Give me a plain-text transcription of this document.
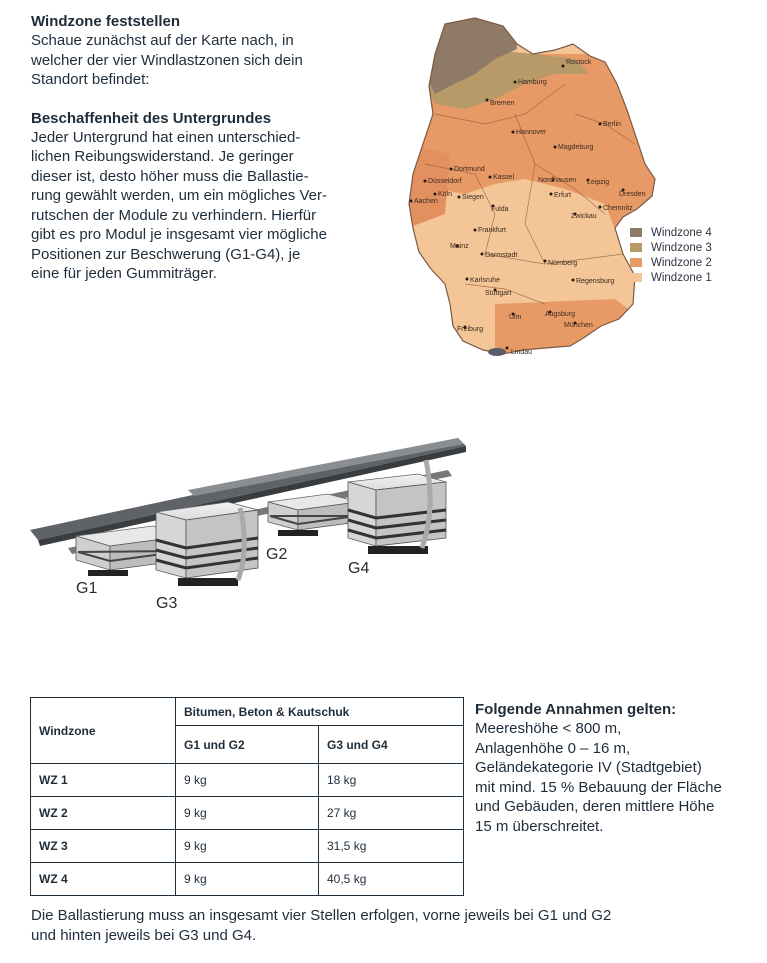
Windzone feststellen

Schaue zunächst auf der Karte nach, in
welcher der vier Windlastzonen sich dein
Standort befindet:

Beschaffenheit des Untergrundes

Jeder Untergrund hat einen unterschied-
lichen Reibungswiderstand. Je geringer
dieser ist, desto höher muss die Ballastie-
rung gewählt werden, um ein mögliches Ver-
rutschen der Module zu verhindern. Hierfür
gibt es pro Modul je insgesamt vier mögliche
Positionen zur Beschwerung (G1-G4), je
eine für jeden Gummiträger.

Rostock
Hamburg
Bremen
Hannover
Berlin
Magdeburg
Dortmund
Düsseldorf
Köln
Aachen
Siegen
Kassel	Nordhausen Leipzig
Dresden
Erfurt
Chemnitz
Zwickau
Fulda
Frankfurt
Mainz
Darmstadt
Nürnberg
Regensburg
Karlsruhe
Stuttgart
Ulm	Augsburg
München
Freiburg
Lindau
Windzone 4
Windzone 3
Windzone 2
Windzone 1
G1
G3
G2
G4
Windzone	Bitumen, Beton & Kautschuk	
	G1 und G2	G3 und G4
WZ 1	9 kg	18 kg
WZ 2	9 kg	27 kg
WZ 3	9 kg	31,5 kg
WZ 4	9 kg	40,5 kg

Folgende Annahmen gelten:

Meereshöhe < 800 m,
Anlagenhöhe 0 – 16 m,
Geländekategorie IV (Stadtgebiet)
mit mind. 15 % Bebauung der Fläche
und Gebäuden, deren mittlere Höhe
15 m überschreitet.

Die Ballastierung muss an insgesamt vier Stellen erfolgen, vorne jeweils bei G1 und G2
und hinten jeweils bei G3 und G4.
